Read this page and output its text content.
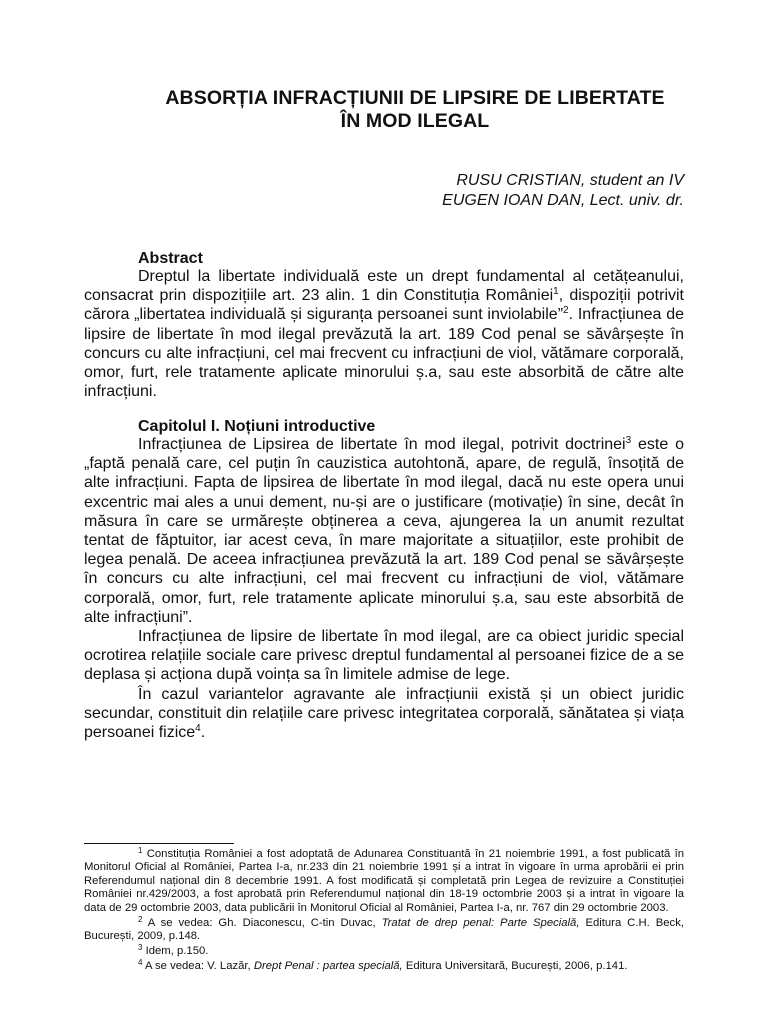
ABSORȚIA INFRACȚIUNII DE LIPSIRE DE LIBERTATE
ÎN MOD ILEGAL
RUSU CRISTIAN, student an IV
EUGEN IOAN DAN, Lect. univ. dr.
Abstract

Dreptul la libertate individuală este un drept fundamental al cetățeanului, consacrat prin dispozițiile art. 23 alin. 1 din Constituția României$^1$, dispoziții potrivit cărora „libertatea individuală și siguranța persoanei sunt inviolabile”$^2$. Infracțiunea de lipsire de libertate în mod ilegal prevăzută la art. 189 Cod penal se săvârșește în concurs cu alte infracțiuni, cel mai frecvent cu infracțiuni de viol, vătămare corporală, omor, furt, rele tratamente aplicate minorului ș.a, sau este absorbită de către alte infracțiuni.

Capitolul I. Noțiuni introductive

Infracțiunea de Lipsirea de libertate în mod ilegal, potrivit doctrinei$^3$ este o „faptă penală care, cel puțin în cauzistica autohtonă, apare, de regulă, însoțită de alte infracțiuni. Fapta de lipsirea de libertate în mod ilegal, dacă nu este opera unui excentric mai ales a unui dement, nu-și are o justificare (motivație) în sine, decât în măsura în care se urmărește obținerea a ceva, ajungerea la un anumit rezultat tentat de făptuitor, iar acest ceva, în mare majoritate a situațiilor, este prohibit de legea penală. De aceea infracțiunea prevăzută la art. 189 Cod penal se săvârșește în concurs cu alte infracțiuni, cel mai frecvent cu infracțiuni de viol, vătămare corporală, omor, furt, rele tratamente aplicate minorului ș.a, sau este absorbită de alte infracțiuni”.

Infracțiunea de lipsire de libertate în mod ilegal, are ca obiect juridic special ocrotirea relațiile sociale care privesc dreptul fundamental al persoanei fizice de a se deplasa și acționa după voința sa în limitele admise de lege.

În cazul variantelor agravante ale infracțiunii există și un obiect juridic secundar, constituit din relațiile care privesc integritatea corporală, sănătatea și viața persoanei fizice$^4$.

$^1$ Constituția României a fost adoptată de Adunarea Constituantă în 21 noiembrie 1991, a fost publicată în Monitorul Oficial al României, Partea I-a, nr.233 din 21 noiembrie 1991 și a intrat în vigoare în urma aprobării ei prin Referendumul național din 8 decembrie 1991. A fost modificată și completată prin Legea de revizuire a Constituției României nr.429/2003, a fost aprobată prin Referendumul național din 18-19 octombrie 2003 și a intrat în vigoare la data de 29 octombrie 2003, data publicării în Monitorul Oficial al României, Partea I-a, nr. 767 din 29 octombrie 2003.

$^2$ A se vedea: Gh. Diaconescu, C-tin Duvac, Tratat de drep penal: Parte Specială, Editura C.H. Beck, București, 2009, p.148.

$^3$ Idem, p.150.

$^4$ A se vedea: V. Lazăr, Drept Penal : partea specială, Editura Universitară, București, 2006, p.141.
